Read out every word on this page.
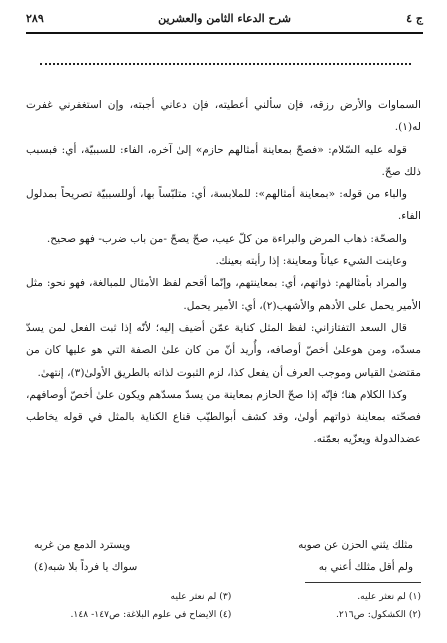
ج ٤
شرح الدعاء الثامن والعشرين
٢٨٩

السماوات والأرض رزقه، فإن سألني أعطيته، فإن دعاني أجبته، وإن استغفرني غفرت له(١).

قوله عليه السّلام: «فصحّ بمعاينة أمثالهم حازم» إلىٰ آخره، الفاء: للسببيّة، أي: فبسبب ذلك صحّ.

والباء من قوله: «بمعاينة أمثالهم»: للملابسة، أي: متلبّساً بها، أوللسببيّة تصريحاً بمدلول الفاء.

والصحّة: ذهاب المرض والبراءة من كلّ عيب، صحّ يصحّ -من باب ضرب- فهو صحيح.

وعاينت الشيء عياناً ومعاينة: إذا رأيته بعينك.

والمراد بأمثالهم: ذواتهم، أي: بمعاينتهم، وإنّما أقحم لفظ الأمثال للمبالغة، فهو نحو: مثل الأمير يحمل على الأدهم والأشهب(٢)، أي: الأمير يحمل.

قال السعد التفتازاني: لفظ المثل كناية عمّن أضيف إليه؛ لأنّه إذا ثبت الفعل لمن يسدّ مسدّه، ومن هوعلىٰ أخصّ أوصافه، وأُريد أنّ من كان علىٰ الصفة التي هو عليها كان من مقتضىٰ القياس وموجب العرف أن يفعل كذا، لزم الثبوت لذاته بالطريق الأولىٰ(٣)، إنتهىٰ.

وكذا الكلام هنا؛ فإنّه إذا صحّ الحازم بمعاينة من يسدّ مسدّهم ويكون علىٰ أخصّ أوصافهم، فصحّته بمعاينة ذواتهم أولىٰ، وقد كشف أبوالطيّب قناع الكناية بالمثل في قوله يخاطب عضدالدولة ويعزّيه بعمّته.

مثلك يثني الحزن عن صوبه
ويسترد الدمع من غربه
ولم أقل مثلك أعني به
سواك يا فرداً بلا شبه(٤)
(١) لم نعثر عليه.
(٣) لم نعثر عليه
(٢) الكشكول: ص٢١٦.
(٤) الايضاح في علوم البلاغة: ص١٤٧- ١٤٨.
